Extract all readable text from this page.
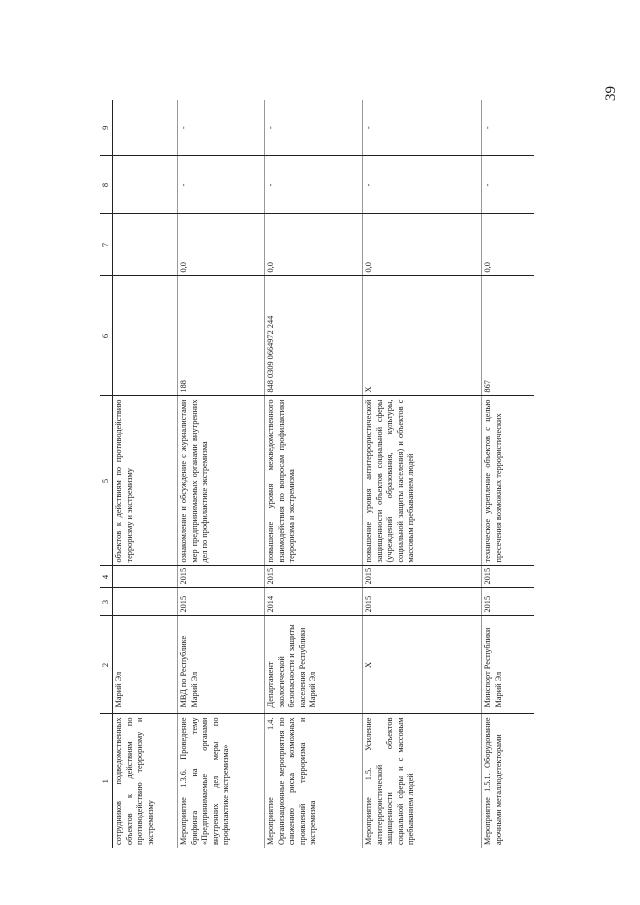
39
1	2	3	4	5	6	7	8	9
сотрудников подведомственных объектов к действиям по противодействию терроризму и экстремизму	Марий Эл			объектов к действиям по противодействию терроризму и экстремизму				
Мероприятие 1.3.6. Проведение брифинга на тему «Предпринимаемые органами внутренних дел меры по профилактике экстремизма»	МВД по Республике Марий Эл	2015	2015	ознакомление и обсуждение с журналистами мер предпринимаемых органами внутренних дел по профилактике экстремизма	188	0,0	-	-
Мероприятие 1.4. Организационные мероприятия по снижению риска возможных проявлений терроризма и экстремизма	Департамент экологической безопасности и защиты населения Республики Марий Эл	2014	2015	повышение уровня межведомственного взаимодействия по вопросам профилактики терроризма и экстремизма	848 0309 0664972 244	0,0	-	-
Мероприятие 1.5. Усиление антитеррористической защищенности объектов социальной сферы и с массовым пребыванием людей	X	2015	2015	повышение уровня антитеррористической защищенности объектов социальной сферы (учреждений образования, культуры, социальной защиты населения) и объектов с массовым пребыванием людей	X	0,0	-	-
Мероприятие 1.5.1. Оборудование арочными металлодетекторами	Минспорт Республики Марий Эл	2015	2015	техническое укрепление объектов с целью пресечения возможных террористических	867	0,0	-	-
